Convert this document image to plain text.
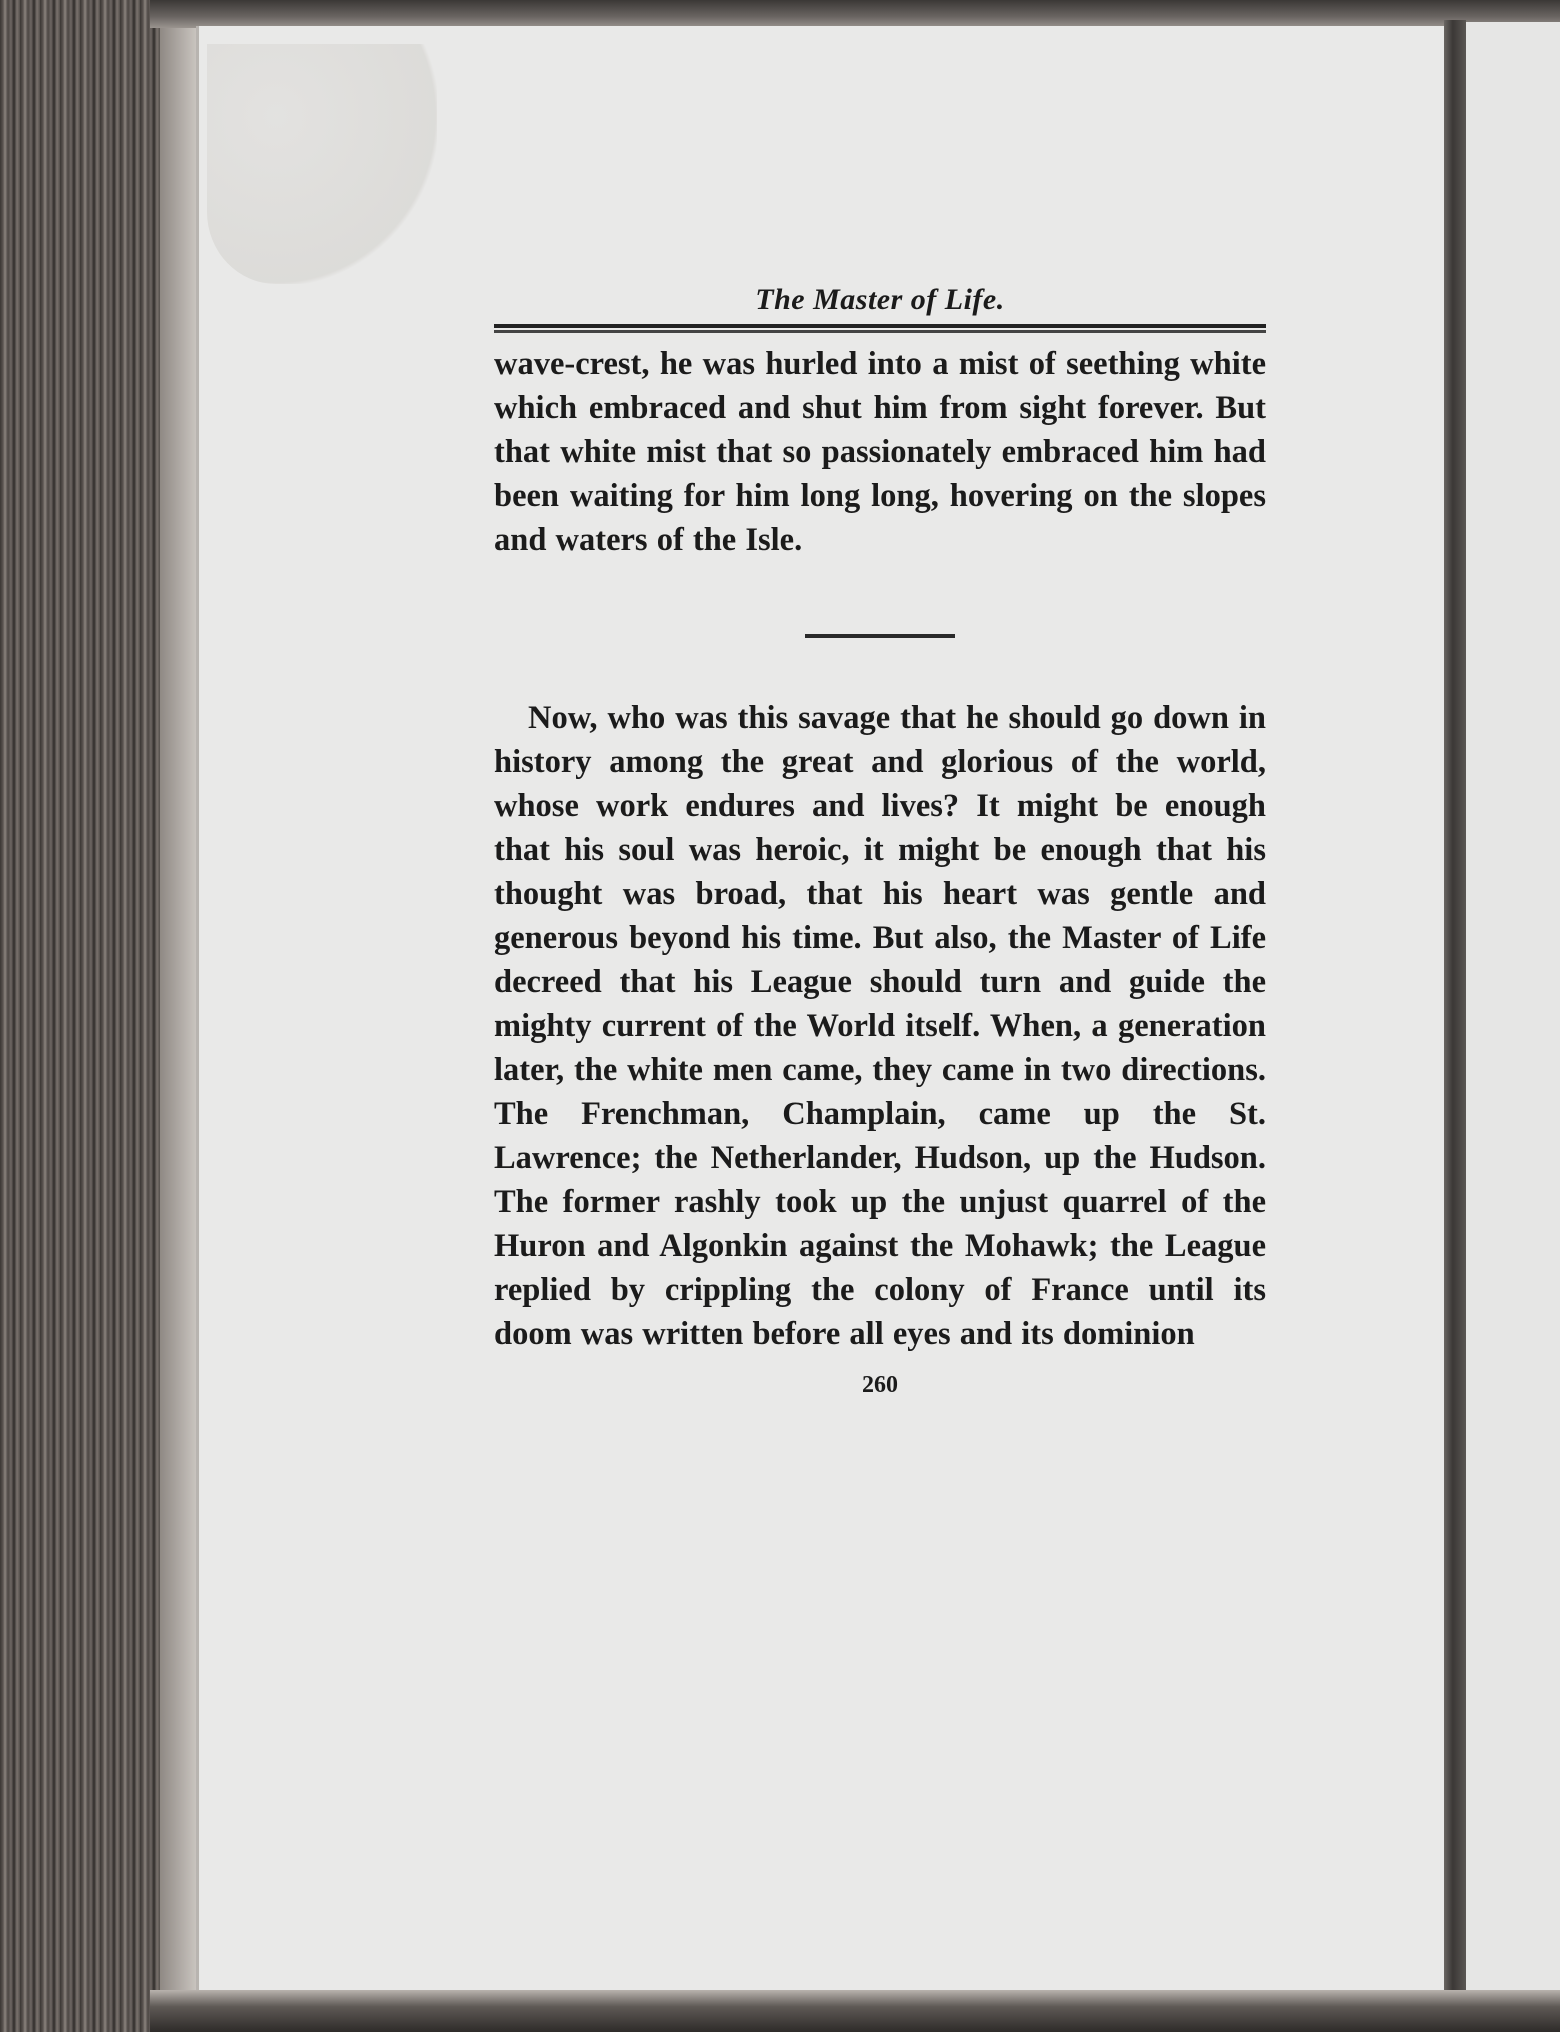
The Master of Life.

wave-crest, he was hurled into a mist of seething white which embraced and shut him from sight forever. But that white mist that so passionately embraced him had been waiting for him long long, hovering on the slopes and waters of the Isle.

Now, who was this savage that he should go down in history among the great and glorious of the world, whose work endures and lives? It might be enough that his soul was heroic, it might be enough that his thought was broad, that his heart was gentle and generous beyond his time. But also, the Master of Life decreed that his League should turn and guide the mighty current of the World itself. When, a generation later, the white men came, they came in two directions. The Frenchman, Champlain, came up the St. Lawrence; the Netherlander, Hudson, up the Hudson. The former rashly took up the unjust quarrel of the Huron and Algonkin against the Mohawk; the League replied by crippling the colony of France until its doom was written before all eyes and its dominion

260
